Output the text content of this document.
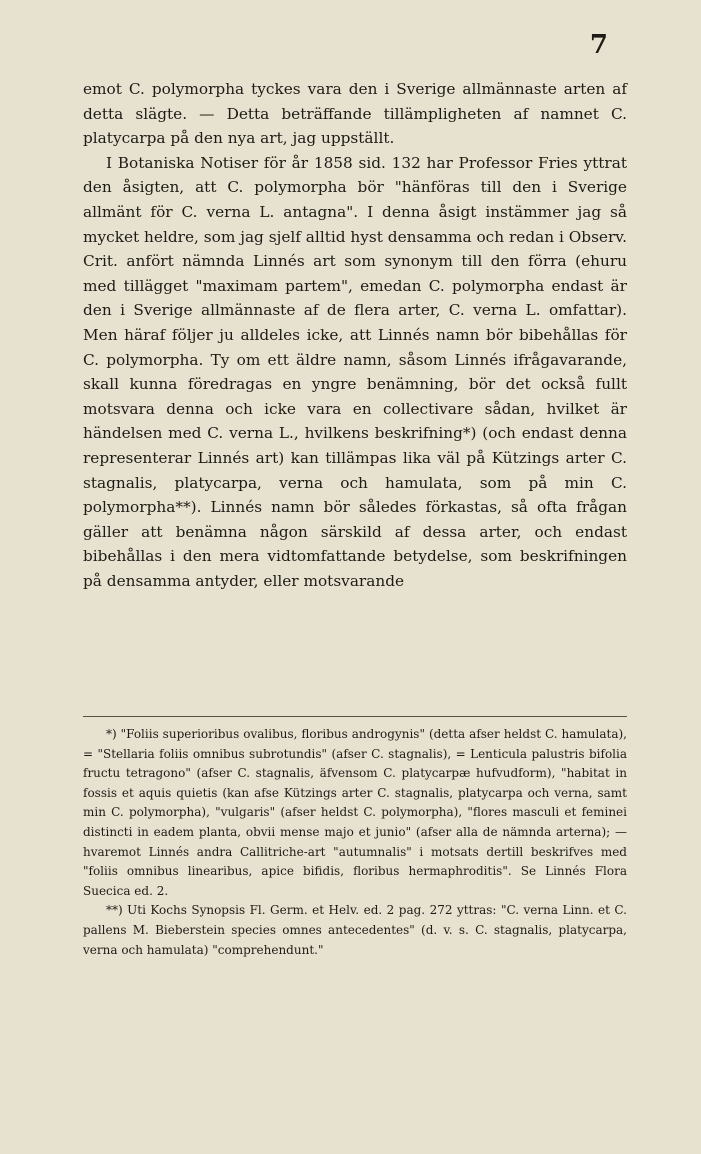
7

emot C. polymorpha tyckes vara den i Sverige allmännaste arten af detta slägte. — Detta beträffande tillämpligheten af namnet C. platycarpa på den nya art, jag uppställt.

I Botaniska Notiser för år 1858 sid. 132 har Professor Fries yttrat den åsigten, att C. polymorpha bör "hänföras till den i Sverige allmänt för C. verna L. antagna". I denna åsigt instämmer jag så mycket heldre, som jag sjelf alltid hyst densamma och redan i Observ. Crit. anfört nämnda Linnés art som synonym till den förra (ehuru med tillägget "maximam partem", emedan C. polymorpha endast är den i Sverige allmännaste af de flera arter, C. verna L. omfattar). Men häraf följer ju alldeles icke, att Linnés namn bör bibehållas för C. polymorpha. Ty om ett äldre namn, såsom Linnés ifrågavarande, skall kunna föredragas en yngre benämning, bör det också fullt motsvara denna och icke vara en collectivare sådan, hvilket är händelsen med C. verna L., hvilkens beskrifning*) (och endast denna representerar Linnés art) kan tillämpas lika väl på Kützings arter C. stagnalis, platycarpa, verna och hamulata, som på min C. polymorpha**). Linnés namn bör således förkastas, så ofta frågan gäller att benämna någon särskild af dessa arter, och endast bibehållas i den mera vidtomfattande betydelse, som beskrifningen på densamma antyder, eller motsvarande

*) "Foliis superioribus ovalibus, floribus androgynis" (detta afser heldst C. hamulata), = "Stellaria foliis omnibus subrotundis" (afser C. stagnalis), = Lenticula palustris bifolia fructu tetragono" (afser C. stagnalis, äfvensom C. platycarpæ hufvudform), "habitat in fossis et aquis quietis (kan afse Kützings arter C. stagnalis, platycarpa och verna, samt min C. polymorpha), "vulgaris" (afser heldst C. polymorpha), "flores masculi et feminei distincti in eadem planta, obvii mense majo et junio" (afser alla de nämnda arterna); — hvaremot Linnés andra Callitriche-art "autumnalis" i motsats dertill beskrifves med "foliis omnibus linearibus, apice bifidis, floribus hermaphroditis". Se Linnés Flora Suecica ed. 2.

**) Uti Kochs Synopsis Fl. Germ. et Helv. ed. 2 pag. 272 yttras: "C. verna Linn. et C. pallens M. Bieberstein species omnes antecedentes" (d. v. s. C. stagnalis, platycarpa, verna och hamulata) "comprehendunt."
